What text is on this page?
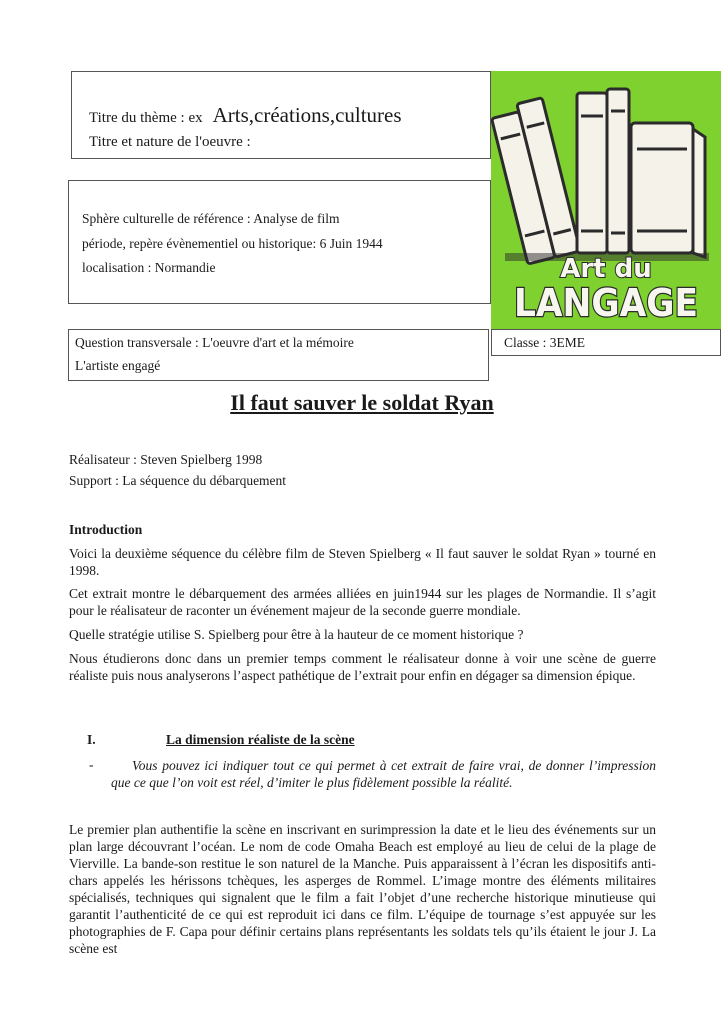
Titre du thème : ex Arts,créations,cultures
Titre et nature de l'oeuvre :
Art du
LANGAGE
Sphère culturelle de référence : Analyse de film
période, repère évènementiel ou historique: 6 Juin 1944
localisation : Normandie
Question transversale : L'oeuvre d'art et la mémoire
L'artiste engagé
Classe : 3EME
Il faut sauver le soldat Ryan
Réalisateur : Steven Spielberg 1998
Support : La séquence du débarquement
Introduction
Voici la deuxième séquence du célèbre film de Steven Spielberg « Il faut sauver le soldat Ryan » tourné en 1998.
Cet extrait montre le débarquement des armées alliées en juin1944 sur les plages de Normandie. Il s’agit pour le réalisateur de raconter un événement majeur de la seconde guerre mondiale.
Quelle stratégie utilise S. Spielberg pour être à la hauteur de ce moment historique ?
Nous étudierons donc dans un premier temps comment le réalisateur donne à voir une scène de guerre réaliste puis nous analyserons l’aspect pathétique de l’extrait pour enfin en dégager sa dimension épique.
I.	La dimension réaliste de la scène
-	Vous pouvez ici indiquer tout ce qui permet à cet extrait de faire vrai, de donner l’impression que ce que l’on voit est réel, d’imiter le plus fidèlement possible la réalité.
Le premier plan authentifie la scène en inscrivant en surimpression la date et le lieu des événements sur un plan large découvrant l’océan. Le nom de code Omaha Beach est employé au lieu de celui de la plage de Vierville. La bande-son restitue le son naturel de la Manche. Puis apparaissent à l’écran les dispositifs anti-chars appelés les hérissons tchèques, les asperges de Rommel. L’image montre des éléments militaires spécialisés, techniques qui signalent que le film a fait l’objet d’une recherche historique minutieuse qui garantit l’authenticité de ce qui est reproduit ici dans ce film. L’équipe de tournage s’est appuyée sur les photographies de F. Capa pour définir certains plans représentants les soldats tels qu’ils étaient le jour J. La scène est
